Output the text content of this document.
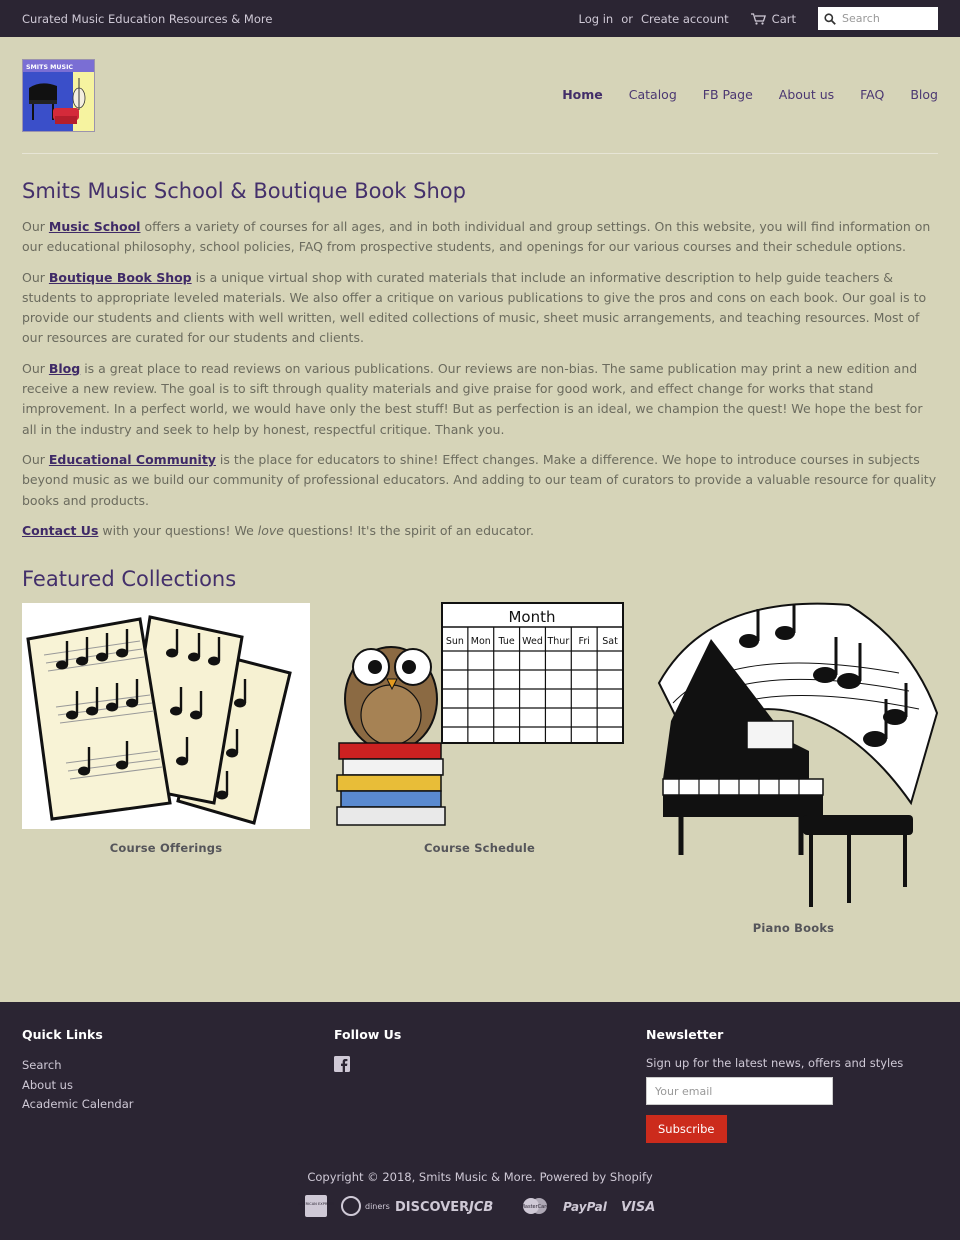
Curated Music Education Resources & More	Log in or Create account	Cart
Search
SMITS MUSIC
Home Catalog FB Page About us FAQ Blog
Smits Music School & Boutique Book Shop

Our Music School offers a variety of courses for all ages, and in both individual and group settings. On this website, you will find information on our educational philosophy, school policies, FAQ from prospective students, and openings for our various courses and their schedule options.

Our Boutique Book Shop is a unique virtual shop with curated materials that include an informative description to help guide teachers & students to appropriate leveled materials. We also offer a critique on various publications to give the pros and cons on each book. Our goal is to provide our students and clients with well written, well edited collections of music, sheet music arrangements, and teaching resources. Most of our resources are curated for our students and clients.

Our Blog is a great place to read reviews on various publications. Our reviews are non-bias. The same publication may print a new edition and receive a new review. The goal is to sift through quality materials and give praise for good work, and effect change for works that stand improvement. In a perfect world, we would have only the best stuff! But as perfection is an ideal, we champion the quest! We hope the best for all in the industry and seek to help by honest, respectful critique. Thank you.

Our Educational Community is the place for educators to shine! Effect changes. Make a difference. We hope to introduce courses in subjects beyond music as we build our community of professional educators. And adding to our team of curators to provide a valuable resource for quality books and products.

Contact Us with your questions! We love questions! It's the spirit of an educator.

Featured Collections
Course Offerings
Month
Sun Mon Tue Wed Thur Fri Sat
Course Schedule
Piano Books
Quick Links
Search
About us
Academic Calendar
Follow Us	Newsletter
Sign up for the latest news, offers and styles
Your email
Subscribe
Copyright © 2018, Smits Music & More. Powered by Shopify
AMERICAN EXPRESS	diners DISCOVER JCB	MasterCard PayPal VISA
